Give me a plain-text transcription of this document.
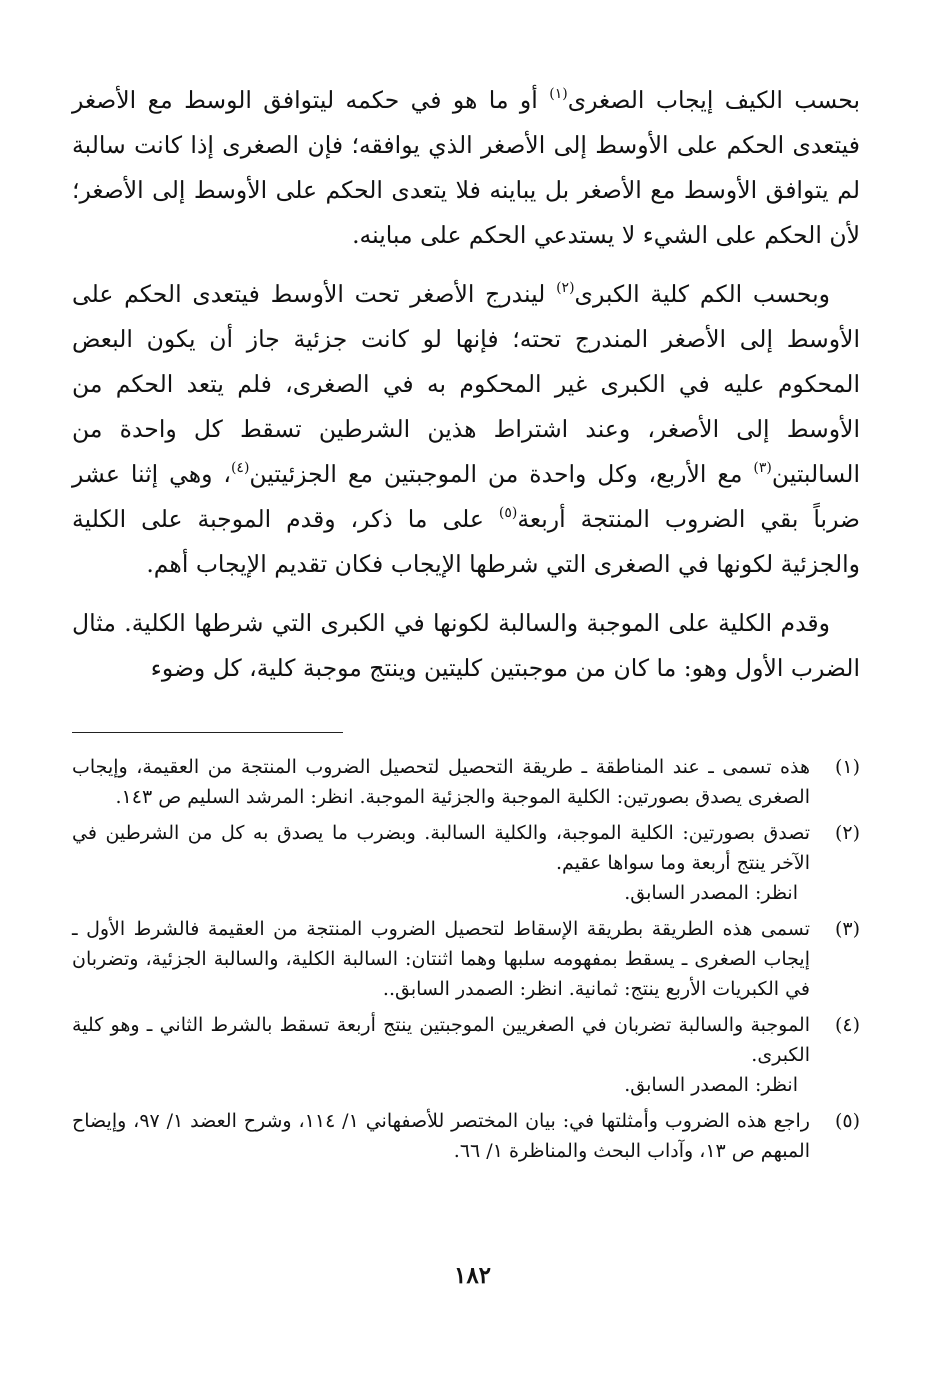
بحسب الكيف إيجاب الصغرى$^{(١)}$ أو ما هو في حكمه ليتوافق الوسط مع الأصغر فيتعدى الحكم على الأوسط إلى الأصغر الذي يوافقه؛ فإن الصغرى إذا كانت سالبة لم يتوافق الأوسط مع الأصغر بل يباينه فلا يتعدى الحكم على الأوسط إلى الأصغر؛ لأن الحكم على الشيء لا يستدعي الحكم على مباينه.

وبحسب الكم كلية الكبرى$^{(٢)}$ ليندرج الأصغر تحت الأوسط فيتعدى الحكم على الأوسط إلى الأصغر المندرج تحته؛ فإنها لو كانت جزئية جاز أن يكون البعض المحكوم عليه في الكبرى غير المحكوم به في الصغرى، فلم يتعد الحكم من الأوسط إلى الأصغر، وعند اشتراط هذين الشرطين تسقط كل واحدة من السالبتين$^{(٣)}$ مع الأربع، وكل واحدة من الموجبتين مع الجزئيتين$^{(٤)}$، وهي إثنا عشر ضرباً بقي الضروب المنتجة أربعة$^{(٥)}$ على ما ذكر، وقدم الموجبة على الكلية والجزئية لكونها في الصغرى التي شرطها الإيجاب فكان تقديم الإيجاب أهم.

وقدم الكلية على الموجبة والسالبة لكونها في الكبرى التي شرطها الكلية. مثال الضرب الأول وهو: ما كان من موجبتين كليتين وينتج موجبة كلية، كل وضوء

(١)
هذه تسمى ـ عند المناطقة ـ طريقة التحصيل لتحصيل الضروب المنتجة من العقيمة، وإيجاب الصغرى يصدق بصورتين: الكلية الموجبة والجزئية الموجبة. انظر: المرشد السليم ص ١٤٣.
(٢)
تصدق بصورتين: الكلية الموجبة، والكلية السالبة. وبضرب ما يصدق به كل من الشرطين في الآخر ينتج أربعة وما سواها عقيم.
انظر: المصدر السابق.
(٣)
تسمى هذه الطريقة بطريقة الإسقاط لتحصيل الضروب المنتجة من العقيمة فالشرط الأول ـ إيجاب الصغرى ـ يسقط بمفهومه سلبها وهما اثنتان: السالبة الكلية، والسالبة الجزئية، وتضربان في الكبريات الأربع ينتج: ثمانية. انظر: الصمدر السابق..
(٤)
الموجبة والسالبة تضربان في الصغريين الموجبتين ينتج أربعة تسقط بالشرط الثاني ـ وهو كلية الكبرى.
انظر: المصدر السابق.
(٥)
راجع هذه الضروب وأمثلتها في: بيان المختصر للأصفهاني ١/ ١١٤، وشرح العضد ١/ ٩٧، وإيضاح المبهم ص ١٣، وآداب البحث والمناظرة ١/ ٦٦.
١٨٢
